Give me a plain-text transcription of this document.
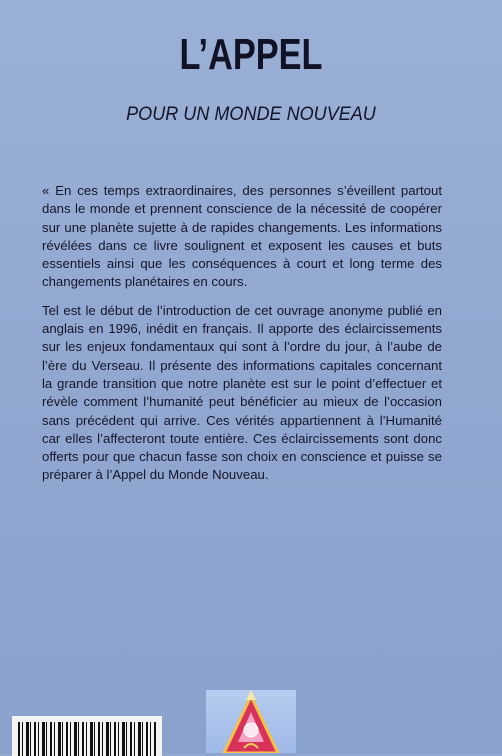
L’APPEL
POUR UN MONDE NOUVEAU

« En ces temps extraordinaires, des personnes s’éveillent partout dans le monde et prennent conscience de la nécessité de coopérer sur une planète sujette à de rapides changements. Les informations révélées dans ce livre soulignent et exposent les causes et buts essentiels ainsi que les conséquences à court et long terme des changements planétaires en cours.

Tel est le début de l’introduction de cet ouvrage anonyme publié en anglais en 1996, inédit en français. Il apporte des éclaircissements sur les enjeux fondamentaux qui sont à l’ordre du jour, à l’aube de l’ère du Verseau. Il présente des informations capitales concernant la grande transition que notre planète est sur le point d’effectuer et révèle comment l’humanité peut bénéficier au mieux de l’occasion sans précédent qui arrive. Ces vérités appartiennent à l’Humanité car elles l’affecteront toute entière. Ces éclaircissements sont donc offerts pour que chacun fasse son choix en conscience et puisse se préparer à l’Appel du Monde Nouveau.
